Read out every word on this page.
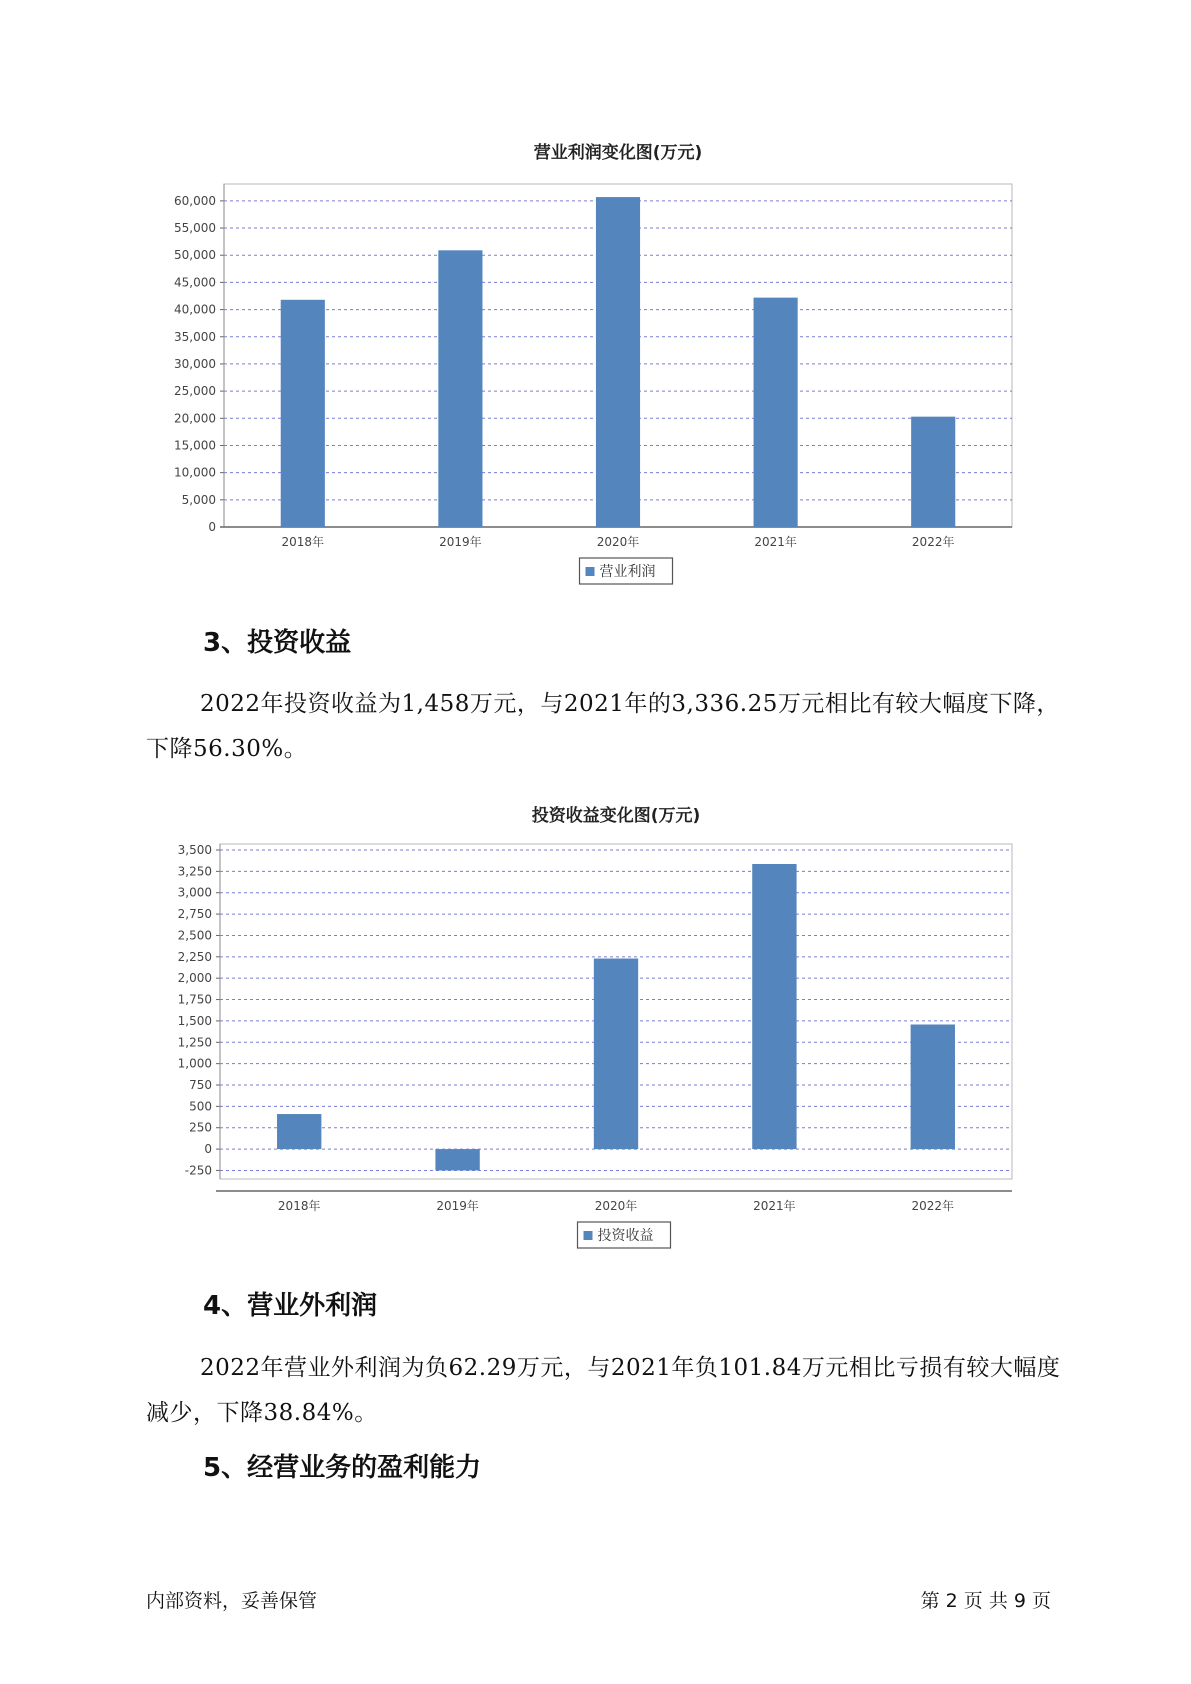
营业利润变化图(万元)
0
5,000
10,000
15,000
20,000
25,000
30,000
35,000
40,000
45,000
50,000
55,000
60,000
2018年	2019年	2020年	2021年	2022年
营业利润
投资收益变化图(万元)
-250
0
250
500
750
1,000
1,250
1,500
1,750
2,000
2,250
2,500
2,750
3,000
3,250
3,500
2018年	2019年	2020年	2021年	2022年
投资收益
3、投资收益

2022年投资收益为1,458万元，与2021年的3,336.25万元相比有较大幅度下降，下降56.30%。

4、营业外利润

2022年营业外利润为负62.29万元，与2021年负101.84万元相比亏损有较大幅度减少，下降38.84%。

5、经营业务的盈利能力
内部资料，妥善保管	第 2 页 共 9 页
